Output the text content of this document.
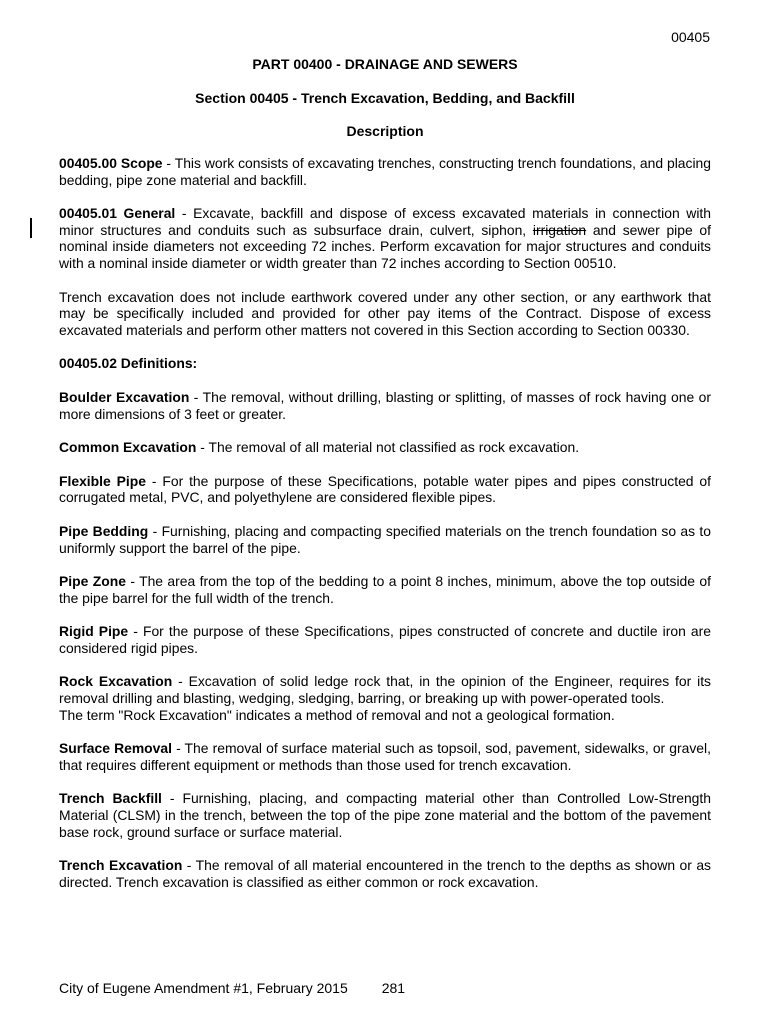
00405
PART 00400 - DRAINAGE AND SEWERS
Section 00405 - Trench Excavation, Bedding, and Backfill
Description

00405.00 Scope - This work consists of excavating trenches, constructing trench foundations, and placing bedding, pipe zone material and backfill.

00405.01 General - Excavate, backfill and dispose of excess excavated materials in connection with minor structures and conduits such as subsurface drain, culvert, siphon, irrigation and sewer pipe of nominal inside diameters not exceeding 72 inches. Perform excavation for major structures and conduits with a nominal inside diameter or width greater than 72 inches according to Section 00510.

Trench excavation does not include earthwork covered under any other section, or any earthwork that may be specifically included and provided for other pay items of the Contract. Dispose of excess excavated materials and perform other matters not covered in this Section according to Section 00330.

00405.02 Definitions:

Boulder Excavation - The removal, without drilling, blasting or splitting, of masses of rock having one or more dimensions of 3 feet or greater.

Common Excavation - The removal of all material not classified as rock excavation.

Flexible Pipe - For the purpose of these Specifications, potable water pipes and pipes constructed of corrugated metal, PVC, and polyethylene are considered flexible pipes.

Pipe Bedding - Furnishing, placing and compacting specified materials on the trench foundation so as to uniformly support the barrel of the pipe.

Pipe Zone - The area from the top of the bedding to a point 8 inches, minimum, above the top outside of the pipe barrel for the full width of the trench.

Rigid Pipe - For the purpose of these Specifications, pipes constructed of concrete and ductile iron are considered rigid pipes.

Rock Excavation - Excavation of solid ledge rock that, in the opinion of the Engineer, requires for its removal drilling and blasting, wedging, sledging, barring, or breaking up with power-operated tools.

The term "Rock Excavation" indicates a method of removal and not a geological formation.

Surface Removal - The removal of surface material such as topsoil, sod, pavement, sidewalks, or gravel, that requires different equipment or methods than those used for trench excavation.

Trench Backfill - Furnishing, placing, and compacting material other than Controlled Low-Strength Material (CLSM) in the trench, between the top of the pipe zone material and the bottom of the pavement base rock, ground surface or surface material.

Trench Excavation - The removal of all material encountered in the trench to the depths as shown or as directed. Trench excavation is classified as either common or rock excavation.

City of Eugene Amendment #1, February 2015 281
